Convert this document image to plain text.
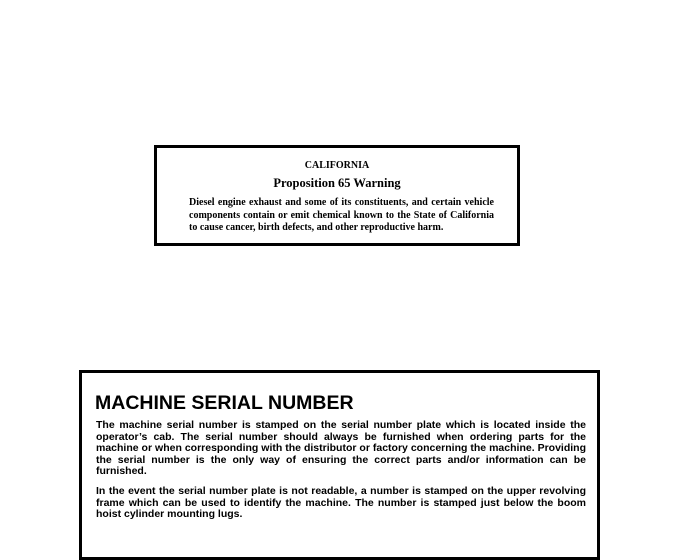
CALIFORNIA
Proposition 65 Warning

Diesel engine exhaust and some of its constituents, and certain vehicle components contain or emit chemical known to the State of California to cause cancer, birth defects, and other reproductive harm.

MACHINE SERIAL NUMBER

The machine serial number is stamped on the serial number plate which is located inside the operator’s cab. The serial number should always be furnished when ordering parts for the machine or when corresponding with the distributor or factory concerning the machine. Providing the serial number is the only way of ensuring the correct parts and/or information can be furnished.

In the event the serial number plate is not readable, a number is stamped on the upper revolving frame which can be used to identify the machine. The number is stamped just below the boom hoist cylinder mounting lugs.
